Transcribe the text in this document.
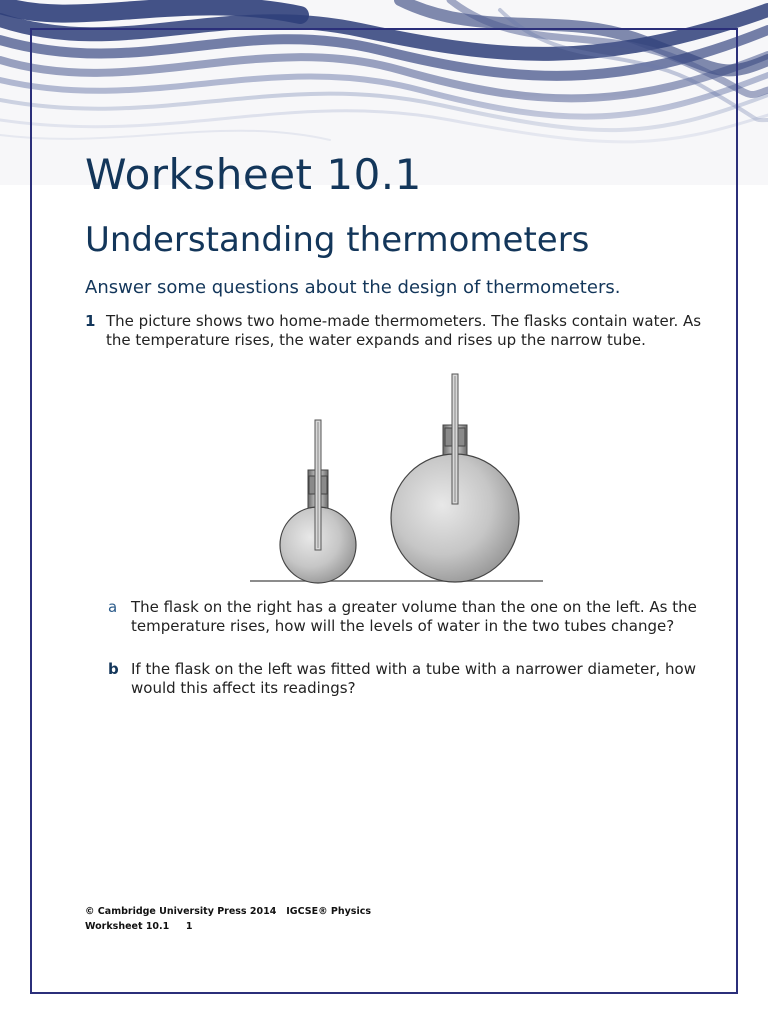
Worksheet 10.1
Understanding thermometers

Answer some questions about the design of thermometers.

1 The picture shows two home-made thermometers. The flasks contain water. As the temperature rises, the water expands and rises up the narrow tube.

a The flask on the right has a greater volume than the one on the left. As the temperature rises, how will the levels of water in the two tubes change?

b If the flask on the left was fitted with a tube with a narrower diameter, how would this affect its readings?

© Cambridge University Press 2014   IGCSE® Physics
Worksheet 10.1 1
